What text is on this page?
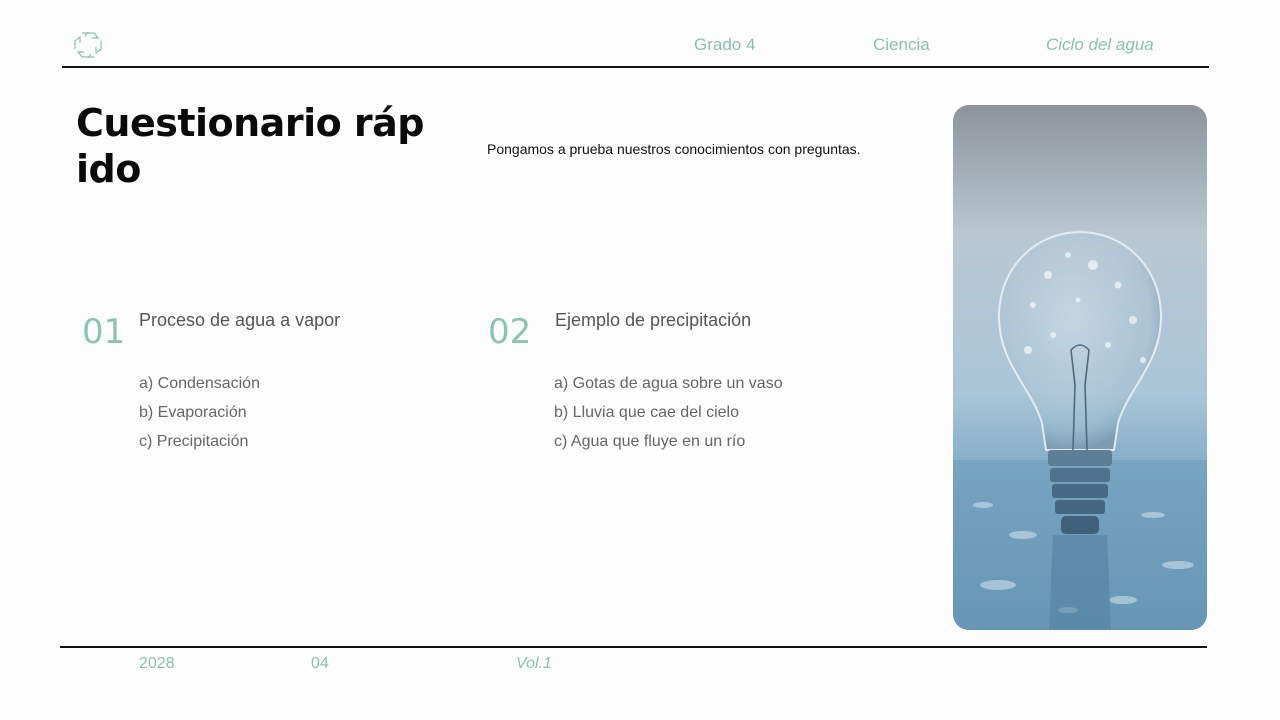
Grado 4	Ciencia	Ciclo del agua
Cuestionario rápido	Pongamos a prueba nuestros conocimientos con preguntas.
01 Proceso de agua a vapor
a) Condensación
b) Evaporación
c) Precipitación
02 Ejemplo de precipitación
a) Gotas de agua sobre un vaso
b) Lluvia que cae del cielo
c) Agua que fluye en un río
2028	04	Vol.1
